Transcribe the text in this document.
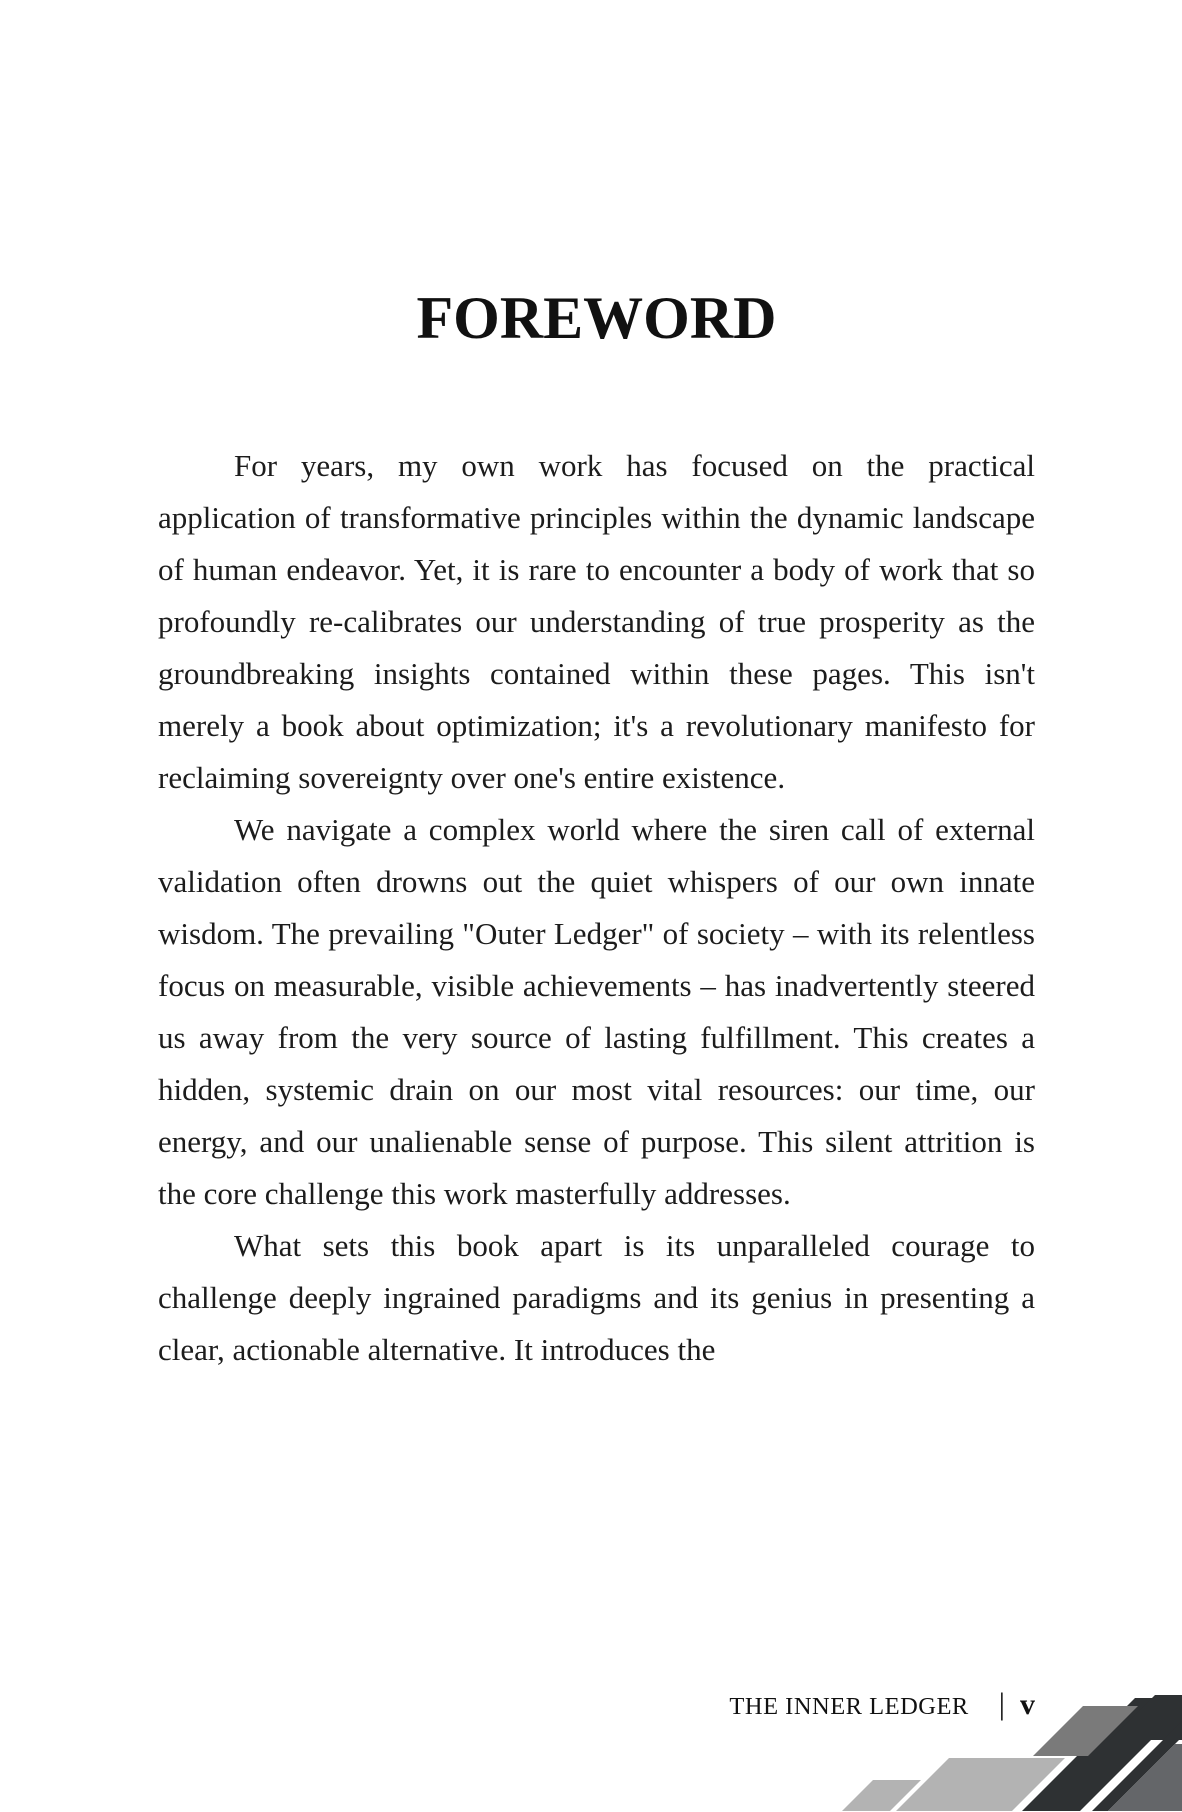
FOREWORD

For years, my own work has focused on the practical application of transformative principles within the dynamic landscape of human endeavor. Yet, it is rare to encounter a body of work that so profoundly re-calibrates our understanding of true prosperity as the groundbreaking insights contained within these pages. This isn't merely a book about optimization; it's a revolutionary manifesto for reclaiming sovereignty over one's entire existence.

We navigate a complex world where the siren call of external validation often drowns out the quiet whispers of our own innate wisdom. The prevailing "Outer Ledger" of society – with its relentless focus on measurable, visible achievements – has inadvertently steered us away from the very source of lasting fulfillment. This creates a hidden, systemic drain on our most vital resources: our time, our energy, and our unalienable sense of purpose. This silent attrition is the core challenge this work masterfully addresses.

What sets this book apart is its unparalleled courage to challenge deeply ingrained paradigms and its genius in presenting a clear, actionable alternative. It introduces the

THE INNER LEDGER | v
